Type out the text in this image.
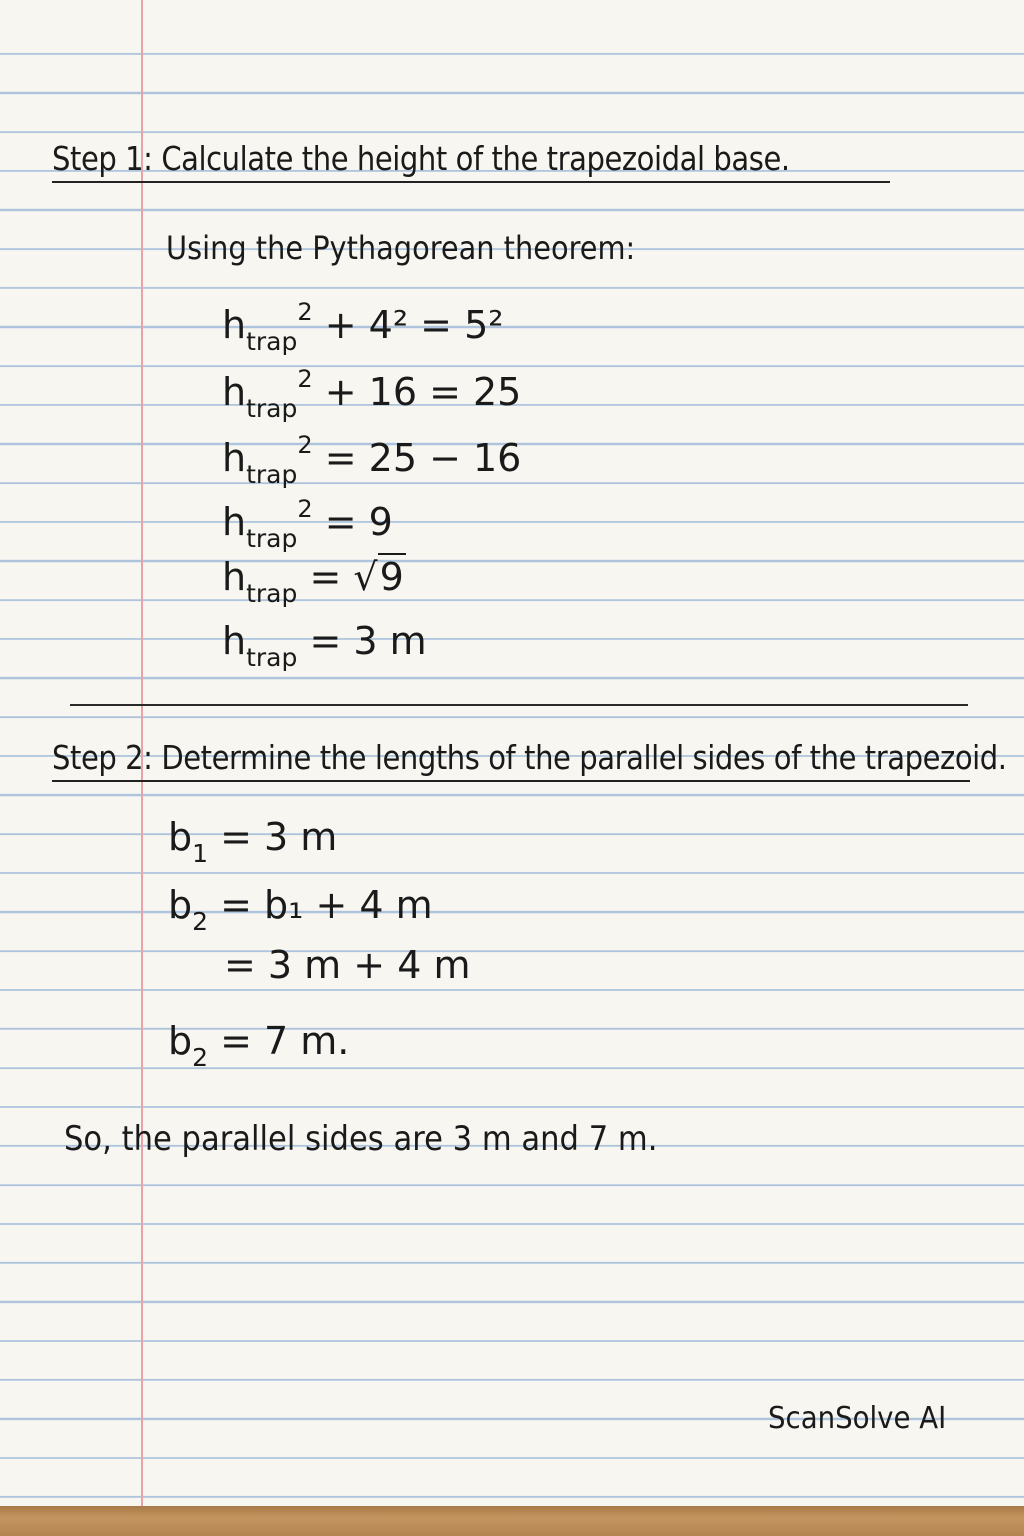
Step 1: Calculate the height of the trapezoidal base.
Using the Pythagorean theorem:
$h_{trap}^2 + 4^2 = 5^2$
$h_{trap}^2 + 16 = 25$
$h_{trap}^2 = 25 - 16$
$h_{trap}^2 = 9$
$h_{trap} = √9$
$h_{trap} = 3$ m
Step 2: Determine the lengths of the parallel sides of the trapezoid.
$b_1 = 3$ m
$b_2 = b_1 + 4$ m
= 3 m + 4 m
$b_2 = 7$ m.
So, the parallel sides are 3 m and 7 m.
ScanSolve AI
